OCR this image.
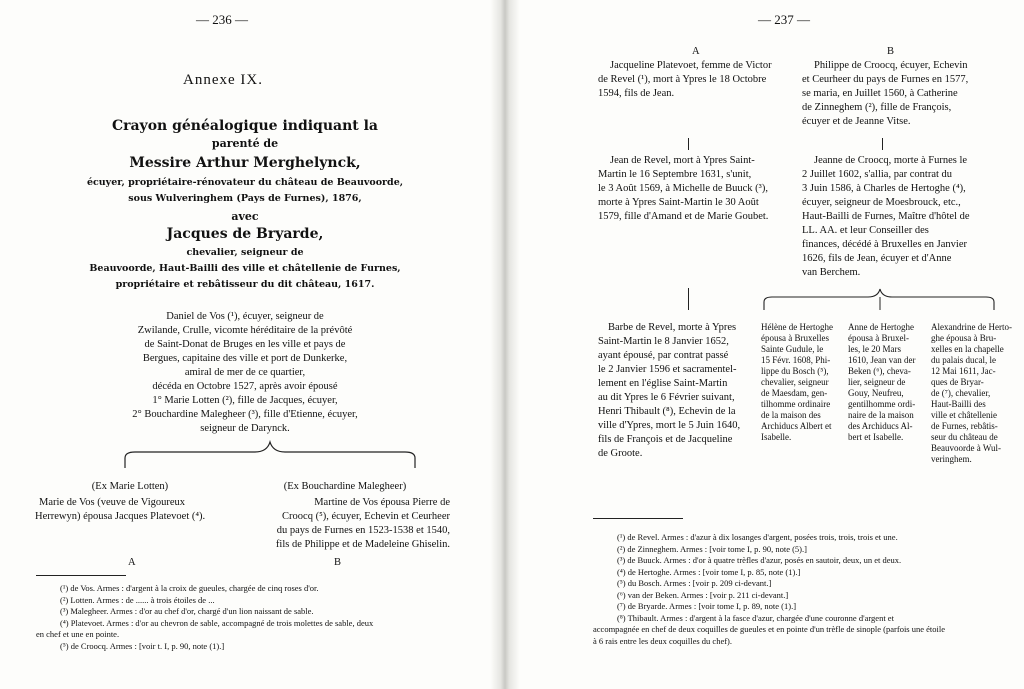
— 236 —
Annexe IX.
Crayon généalogique indiquant la
parenté de
Messire Arthur Merghelynck,
écuyer, propriétaire-rénovateur du château de Beauvoorde,
sous Wulveringhem (Pays de Furnes), 1876,
avec
Jacques de Bryarde,
chevalier, seigneur de
Beauvoorde, Haut-Bailli des ville et châtellenie de Furnes,
propriétaire et rebâtisseur du dit château, 1617.
Daniel de Vos (¹), écuyer, seigneur de
Zwilande, Crulle, vicomte héréditaire de la prévôté
de Saint-Donat de Bruges en les ville et pays de
Bergues, capitaine des ville et port de Dunkerke,
amiral de mer de ce quartier,
décéda en Octobre 1527, après avoir épousé
1° Marie Lotten (²), fille de Jacques, écuyer,
2° Bouchardine Malegheer (³), fille d'Etienne, écuyer,
seigneur de Darynck.
(Ex Marie Lotten)
Marie de Vos (veuve de Vigoureux
Herrewyn) épousa Jacques Platevoet (⁴).
A
(Ex Bouchardine Malegheer)
Martine de Vos épousa Pierre de
Croocq (⁵), écuyer, Echevin et Ceurheer
du pays de Furnes en 1523-1538 et 1540,
fils de Philippe et de Madeleine Ghiselin.
B
(¹) de Vos. Armes : d'argent à la croix de gueules, chargée de cinq roses d'or.
(²) Lotten. Armes : de ...... à trois étoiles de ...
(³) Malegheer. Armes : d'or au chef d'or, chargé d'un lion naissant de sable.
(⁴) Platevoet. Armes : d'or au chevron de sable, accompagné de trois molettes de sable, deux
en chef et une en pointe.
(⁵) de Croocq. Armes : [voir t. I, p. 90, note (1).]
— 237 —
A
Jacqueline Platevoet, femme de Victor
de Revel (¹), mort à Ypres le 18 Octobre
1594, fils de Jean.
B
Philippe de Croocq, écuyer, Echevin
et Ceurheer du pays de Furnes en 1577,
se maria, en Juillet 1560, à Catherine
de Zinneghem (²), fille de François,
écuyer et de Jeanne Vitse.
Jean de Revel, mort à Ypres Saint-
Martin le 16 Septembre 1631, s'unit,
le 3 Août 1569, à Michelle de Buuck (³),
morte à Ypres Saint-Martin le 30 Août
1579, fille d'Amand et de Marie Goubet.
Jeanne de Croocq, morte à Furnes le
2 Juillet 1602, s'allia, par contrat du
3 Juin 1586, à Charles de Hertoghe (⁴),
écuyer, seigneur de Moesbrouck, etc.,
Haut-Bailli de Furnes, Maître d'hôtel de
LL. AA. et leur Conseiller des
finances, décédé à Bruxelles en Janvier
1626, fils de Jean, écuyer et d'Anne
van Berchem.
Barbe de Revel, morte à Ypres
Saint-Martin le 8 Janvier 1652,
ayant épousé, par contrat passé
le 2 Janvier 1596 et sacramentel-
lement en l'église Saint-Martin
au dit Ypres le 6 Février suivant,
Henri Thibault (⁸), Echevin de la
ville d'Ypres, mort le 5 Juin 1640,
fils de François et de Jacqueline
de Groote.
Hélène de Hertoghe
épousa à Bruxelles
Sainte Gudule, le
15 Févr. 1608, Phi-
lippe du Bosch (⁵),
chevalier, seigneur
de Maesdam, gen-
tilhomme ordinaire
de la maison des
Archiducs Albert et
Isabelle.
Anne de Hertoghe
épousa à Bruxel-
les, le 20 Mars
1610, Jean van der
Beken (⁶), cheva-
lier, seigneur de
Gouy, Neufreu,
gentilhomme ordi-
naire de la maison
des Archiducs Al-
bert et Isabelle.
Alexandrine de Herto-
ghe épousa à Bru-
xelles en la chapelle
du palais ducal, le
12 Mai 1611, Jac-
ques de Bryar-
de (⁷), chevalier,
Haut-Bailli des
ville et châtellenie
de Furnes, rebâtis-
seur du château de
Beauvoorde à Wul-
veringhem.
(¹) de Revel. Armes : d'azur à dix losanges d'argent, posées trois, trois, trois et une.
(²) de Zinneghem. Armes : [voir tome I, p. 90, note (5).]
(³) de Buuck. Armes : d'or à quatre trèfles d'azur, posés en sautoir, deux, un et deux.
(⁴) de Hertoghe. Armes : [voir tome I, p. 85, note (1).]
(⁵) du Bosch. Armes : [voir p. 209 ci-devant.]
(⁶) van der Beken. Armes : [voir p. 211 ci-devant.]
(⁷) de Bryarde. Armes : [voir tome I, p. 89, note (1).]
(⁸) Thibault. Armes : d'argent à la fasce d'azur, chargée d'une couronne d'argent et
accompagnée en chef de deux coquilles de gueules et en pointe d'un trèfle de sinople (parfois une étoile
à 6 rais entre les deux coquilles du chef).
